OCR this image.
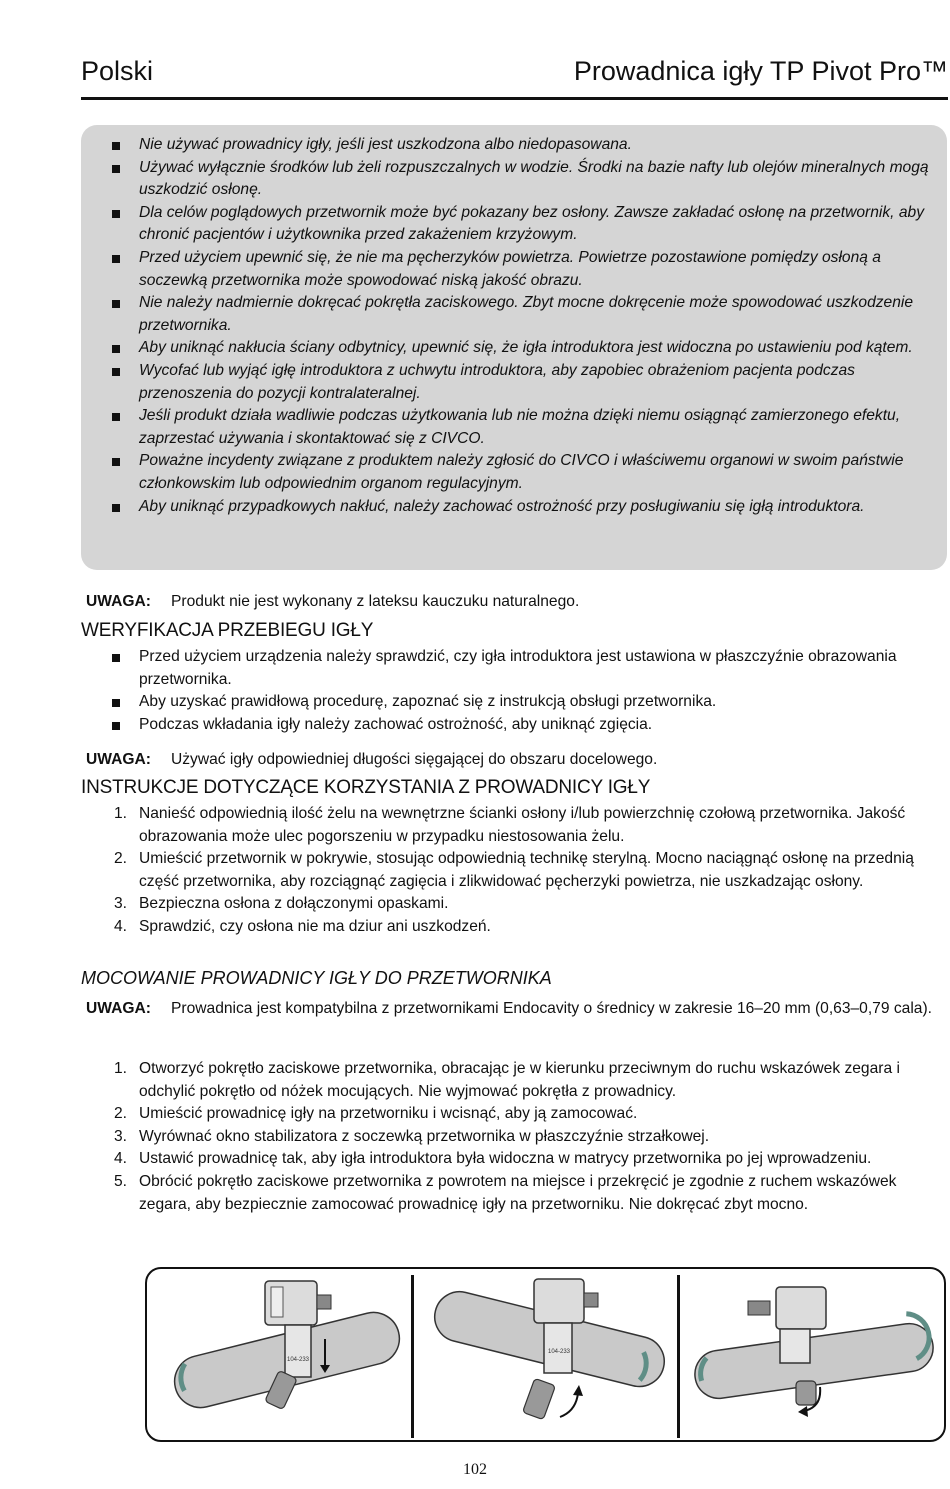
Polski	Prowadnica igły TP Pivot Pro™
Nie używać prowadnicy igły, jeśli jest uszkodzona albo niedopasowana.
Używać wyłącznie środków lub żeli rozpuszczalnych w wodzie. Środki na bazie nafty lub olejów mineralnych mogą uszkodzić osłonę.
Dla celów poglądowych przetwornik może być pokazany bez osłony. Zawsze zakładać osłonę na przetwornik, aby chronić pacjentów i użytkownika przed zakażeniem krzyżowym.
Przed użyciem upewnić się, że nie ma pęcherzyków powietrza. Powietrze pozostawione pomiędzy osłoną a soczewką przetwornika może spowodować niską jakość obrazu.
Nie należy nadmiernie dokręcać pokrętła zaciskowego. Zbyt mocne dokręcenie może spowodować uszkodzenie przetwornika.
Aby uniknąć nakłucia ściany odbytnicy, upewnić się, że igła introduktora jest widoczna po ustawieniu pod kątem.
Wycofać lub wyjąć igłę introduktora z uchwytu introduktora, aby zapobiec obrażeniom pacjenta podczas przenoszenia do pozycji kontralateralnej.
Jeśli produkt działa wadliwie podczas użytkowania lub nie można dzięki niemu osiągnąć zamierzonego efektu, zaprzestać używania i skontaktować się z CIVCO.
Poważne incydenty związane z produktem należy zgłosić do CIVCO i właściwemu organowi w swoim państwie członkowskim lub odpowiednim organom regulacyjnym.
Aby uniknąć przypadkowych nakłuć, należy zachować ostrożność przy posługiwaniu się igłą introduktora.
UWAGA: Produkt nie jest wykonany z lateksu kauczuku naturalnego.
WERYFIKACJA PRZEBIEGU IGŁY
Przed użyciem urządzenia należy sprawdzić, czy igła introduktora jest ustawiona w płaszczyźnie obrazowania przetwornika.
Aby uzyskać prawidłową procedurę, zapoznać się z instrukcją obsługi przetwornika.
Podczas wkładania igły należy zachować ostrożność, aby uniknąć zgięcia.
UWAGA: Używać igły odpowiedniej długości sięgającej do obszaru docelowego.
INSTRUKCJE DOTYCZĄCE KORZYSTANIA Z PROWADNICY IGŁY
1. Nanieść odpowiednią ilość żelu na wewnętrzne ścianki osłony i/lub powierzchnię czołową przetwornika. Jakość obrazowania może ulec pogorszeniu w przypadku niestosowania żelu.
2. Umieścić przetwornik w pokrywie, stosując odpowiednią technikę sterylną. Mocno naciągnąć osłonę na przednią część przetwornika, aby rozciągnąć zagięcia i zlikwidować pęcherzyki powietrza, nie uszkadzając osłony.
3. Bezpieczna osłona z dołączonymi opaskami.
4. Sprawdzić, czy osłona nie ma dziur ani uszkodzeń.
MOCOWANIE PROWADNICY IGŁY DO PRZETWORNIKA
UWAGA: Prowadnica jest kompatybilna z przetwornikami Endocavity o średnicy w zakresie 16–20 mm (0,63–0,79 cala).
1. Otworzyć pokrętło zaciskowe przetwornika, obracając je w kierunku przeciwnym do ruchu wskazówek zegara i odchylić pokrętło od nóżek mocujących. Nie wyjmować pokrętła z prowadnicy.
2. Umieścić prowadnicę igły na przetworniku i wcisnąć, aby ją zamocować.
3. Wyrównać okno stabilizatora z soczewką przetwornika w płaszczyźnie strzałkowej.
4. Ustawić prowadnicę tak, aby igła introduktora była widoczna w matrycy przetwornika po jej wprowadzeniu.
5. Obrócić pokrętło zaciskowe przetwornika z powrotem na miejsce i przekręcić je zgodnie z ruchem wskazówek zegara, aby bezpiecznie zamocować prowadnicę igły na przetworniku. Nie dokręcać zbyt mocno.
104-233
104-233
102
